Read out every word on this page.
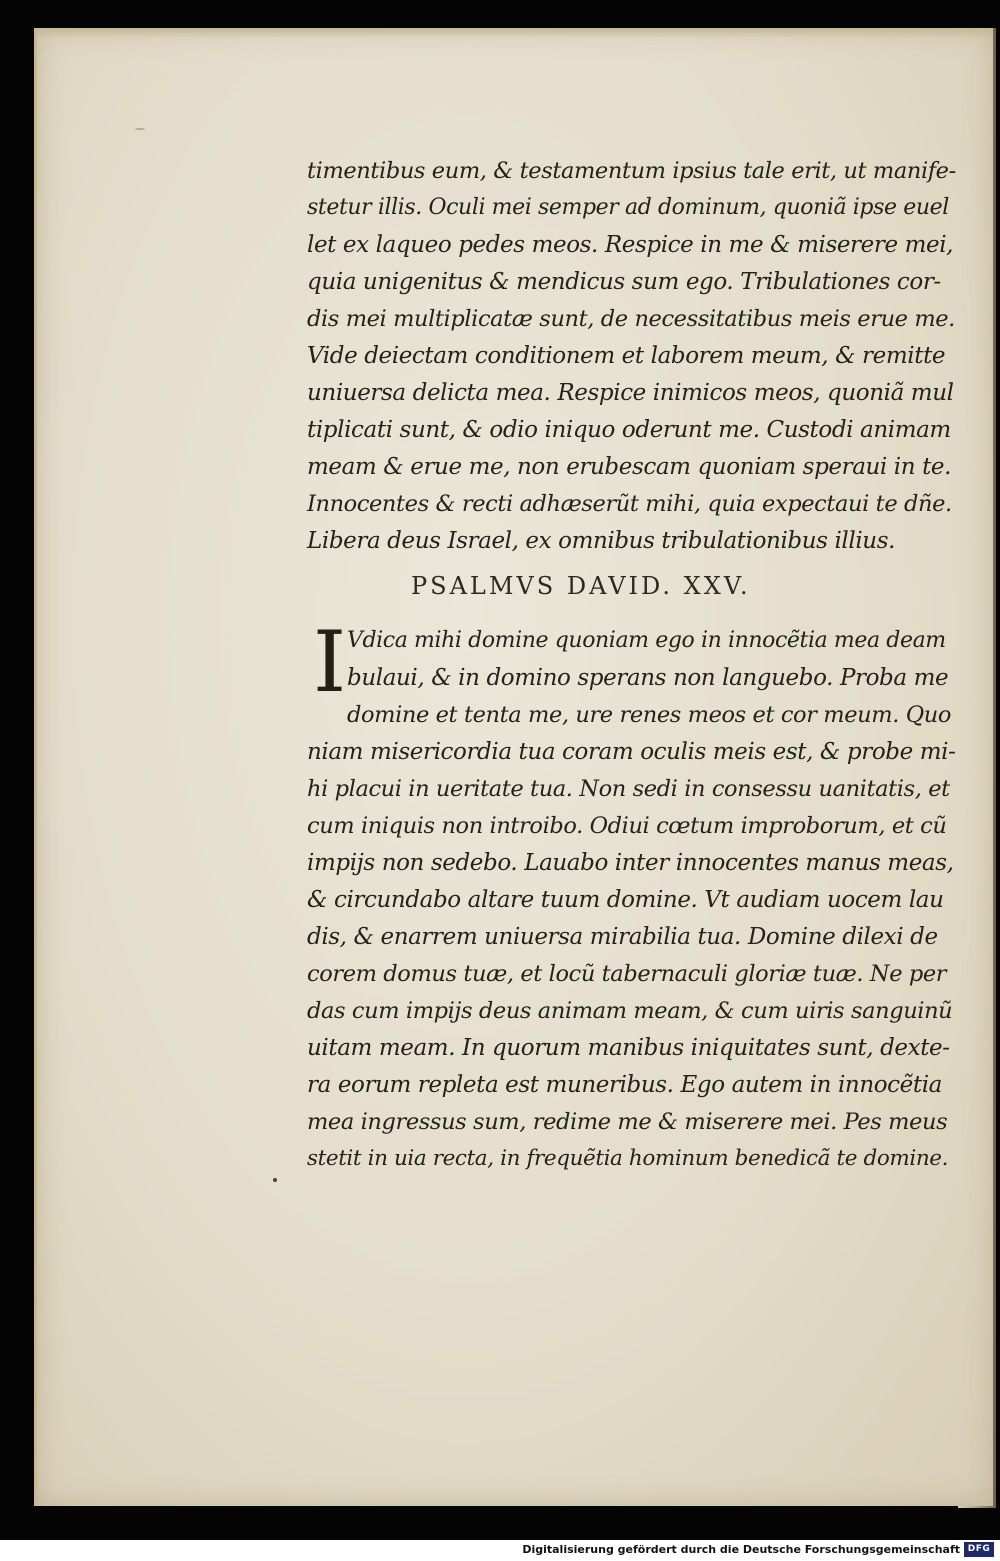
timentibus eum, & testamentum ipsius tale erit, ut manife-
stetur illis. Oculi mei semper ad dominum, quoniã ipse euel
let ex laqueo pedes meos. Respice in me & miserere mei,
quia unigenitus & mendicus sum ego. Tribulationes cor-
dis mei multiplicatæ sunt, de necessitatibus meis erue me.
Vide deiectam conditionem et laborem meum, & remitte
uniuersa delicta mea. Respice inimicos meos, quoniã mul
tiplicati sunt, & odio iniquo oderunt me. Custodi animam
meam & erue me, non erubescam quoniam speraui in te.
Innocentes & recti adhæserũt mihi, quia expectaui te dñe.
Libera deus Israel, ex omnibus tribulationibus illius.
PSALMVS DAVID. XXV.
I Vdica mihi domine quoniam ego in innocẽtia mea deam
bulaui, & in domino sperans non languebo. Proba me
domine et tenta me, ure renes meos et cor meum. Quo
niam misericordia tua coram oculis meis est, & probe mi-
hi placui in ueritate tua. Non sedi in consessu uanitatis, et
cum iniquis non introibo. Odiui cœtum improborum, et cũ
impijs non sedebo. Lauabo inter innocentes manus meas,
& circundabo altare tuum domine. Vt audiam uocem lau
dis, & enarrem uniuersa mirabilia tua. Domine dilexi de
corem domus tuæ, et locũ tabernaculi gloriæ tuæ. Ne per
das cum impijs deus animam meam, & cum uiris sanguinũ
uitam meam. In quorum manibus iniquitates sunt, dexte-
ra eorum repleta est muneribus. Ego autem in innocẽtia
mea ingressus sum, redime me & miserere mei. Pes meus
stetit in uia recta, in frequẽtia hominum benedicã te domine.
Digitalisierung gefördert durch die Deutsche Forschungsgemeinschaft DFG
